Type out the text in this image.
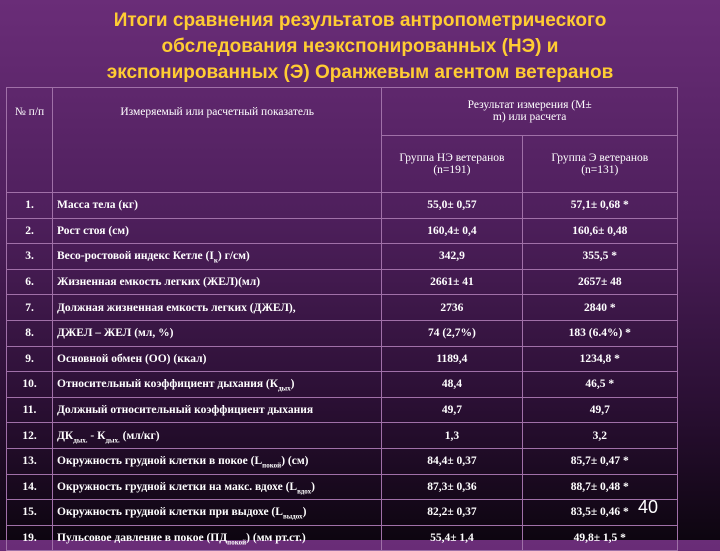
Итоги сравнения результатов антропометрического
обследования неэкспонированных (НЭ) и
экспонированных (Э) Оранжевым агентом ветеранов
№ п/п	Измеряемый или расчетный показатель	Результат измерения (M± m) или расчета	
		Группа НЭ ветеранов (n=191)	Группа Э ветеранов (n=131)
1.	Масса тела (кг)	55,0± 0,57	57,1± 0,68 *
2.	Рост стоя (см)	160,4± 0,4	160,6± 0,48
3.	Весо-ростовой индекс Кетле $(I_к)$ г/см)	342,9	355,5 *
6.	Жизненная емкость легких (ЖЕЛ)(мл)	2661± 41	2657± 48
7.	Должная жизненная емкость легких (ДЖЕЛ),	2736	2840 *
8.	ДЖЕЛ – ЖЕЛ (мл, %)	74 (2,7%)	183 (6.4%) *
9.	Основной обмен (ОО) (ккал)	1189,4	1234,8 *
10.	Относительный коэффициент дыхания $(К_{дых})$	48,4	46,5 *
11.	Должный относительный коэффициент дыхания	49,7	49,7
12.	$ДК_{дых.} - К_{дых.}$ (мл/кг)	1,3	3,2
13.	Окружность грудной клетки в покое $(L_{покой})$ (см)	84,4± 0,37	85,7± 0,47 *
14.	Окружность грудной клетки на макс. вдохе $(L_{вдох})$	87,3± 0,36	88,7± 0,48 *
15.	Окружность грудной клетки при выдохе $(L_{выдох})$	82,2± 0,37	83,5± 0,46 *
19.	Пульсовое давление в покое $(ПД_{покой})$ (мм рт.ст.)	55,4± 1,4	49,8± 1,5 *
40
